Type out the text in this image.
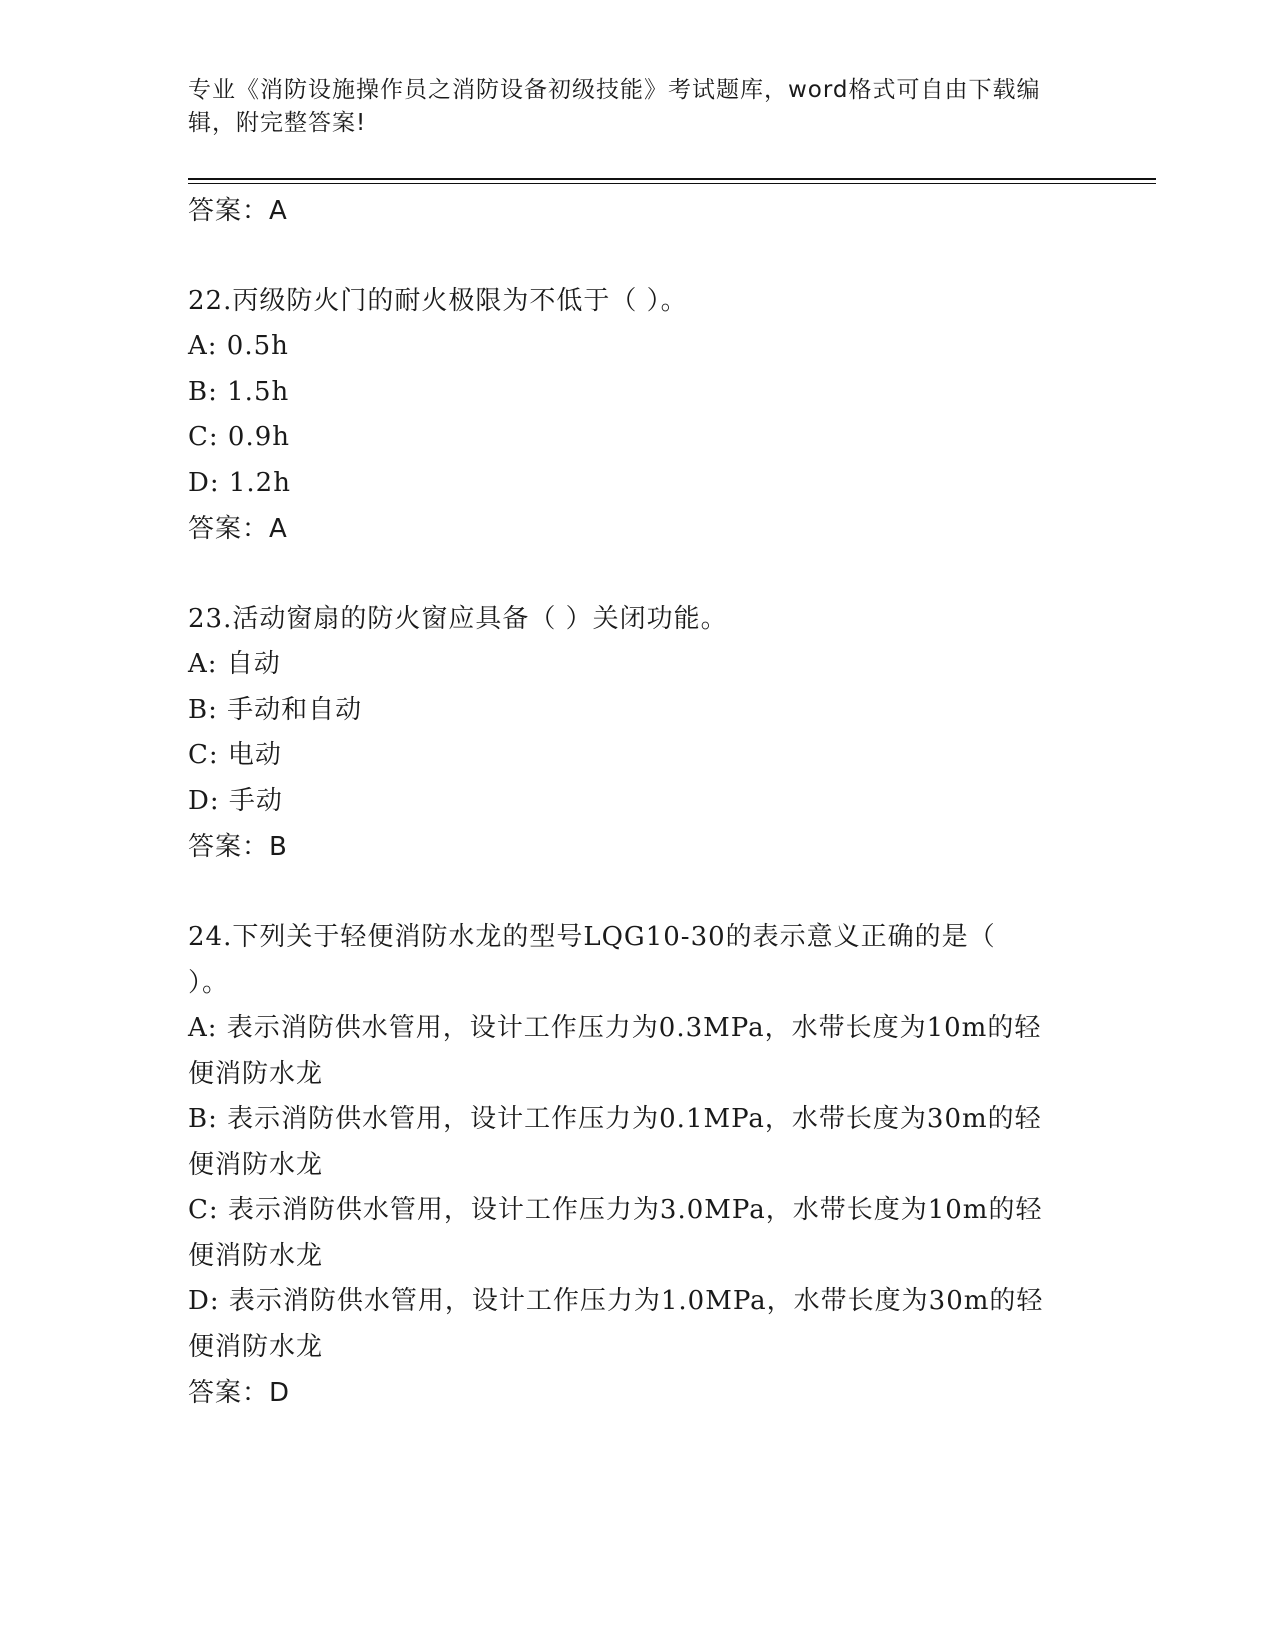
专业《消防设施操作员之消防设备初级技能》考试题库，word格式可自由下载编
辑，附完整答案!
答案：A
22.丙级防火门的耐火极限为不低于（ ）。
A: 0.5h
B: 1.5h
C: 0.9h
D: 1.2h
答案：A
23.活动窗扇的防火窗应具备（ ）关闭功能。
A: 自动
B: 手动和自动
C: 电动
D: 手动
答案：B
24.下列关于轻便消防水龙的型号LQG10-30的表示意义正确的是（
）。
A: 表示消防供水管用，设计工作压力为0.3MPa，水带长度为10m的轻
便消防水龙
B: 表示消防供水管用，设计工作压力为0.1MPa，水带长度为30m的轻
便消防水龙
C: 表示消防供水管用，设计工作压力为3.0MPa，水带长度为10m的轻
便消防水龙
D: 表示消防供水管用，设计工作压力为1.0MPa，水带长度为30m的轻
便消防水龙
答案：D
